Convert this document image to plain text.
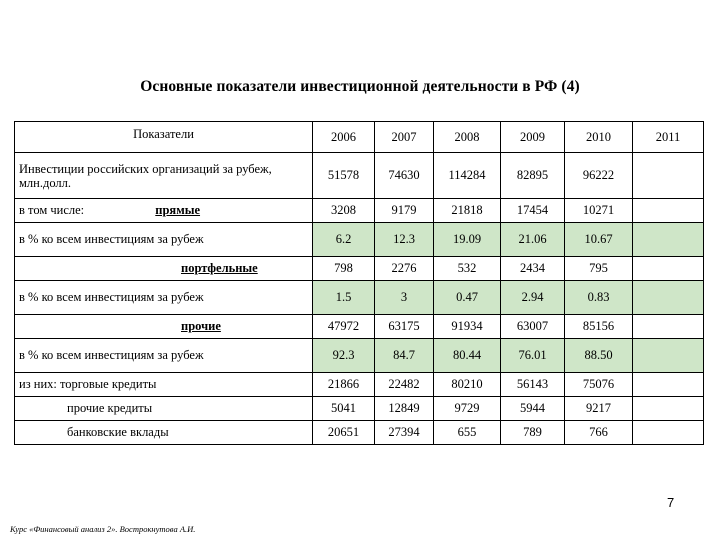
Основные показатели инвестиционной деятельности в РФ (4)
Показатели	2006	2007	2008	2009	2010	2011
Инвестиции российских организаций за рубеж, млн.долл.	51578	74630	114284	82895	96222	
в том числе: прямые	3208	9179	21818	17454	10271	
в % ко всем инвестициям за рубеж	6.2	12.3	19.09	21.06	10.67	
портфельные	798	2276	532	2434	795	
в % ко всем инвестициям за рубеж	1.5	3	0.47	2.94	0.83	
прочие	47972	63175	91934	63007	85156	
в % ко всем инвестициям за рубеж	92.3	84.7	80.44	76.01	88.50	
из них: торговые кредиты	21866	22482	80210	56143	75076	
прочие кредиты	5041	12849	9729	5944	9217	
банковские вклады	20651	27394	655	789	766	
7
Курс «Финансовый анализ 2». Вострокнутова А.И.
